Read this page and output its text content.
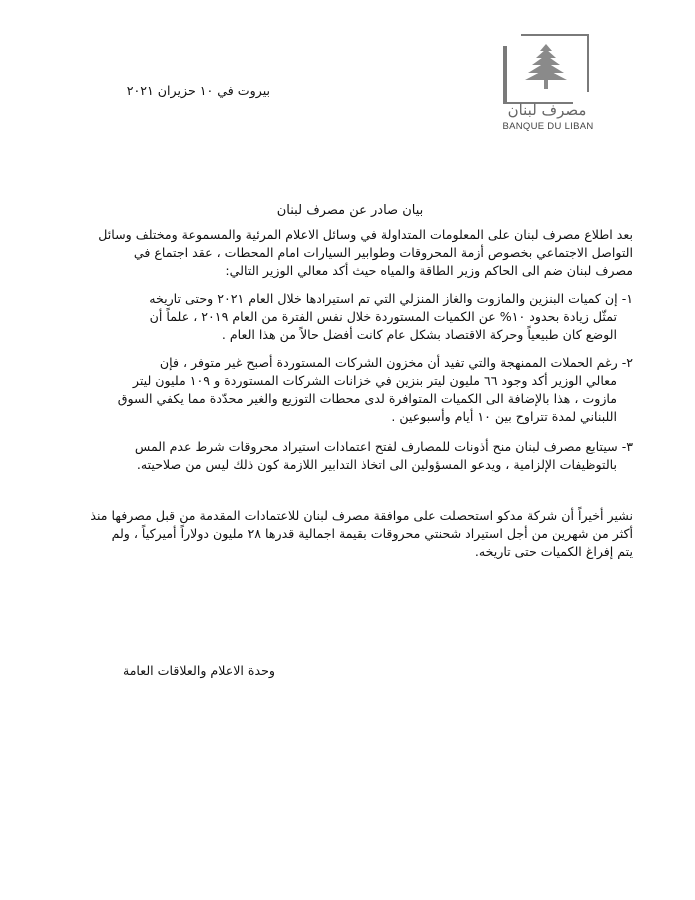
مصرف لبنان
BANQUE DU LIBAN
بيروت في ١٠ حزيران ٢٠٢١
بيان صادر عن مصرف لبنان
بعد اطلاع مصرف لبنان على المعلومات المتداولة في وسائل الاعلام المرئية والمسموعة ومختلف وسائل
التواصل الاجتماعي بخصوص أزمة المحروقات وطوابير السيارات امام المحطات ، عقد اجتماع في
مصرف لبنان ضم الى الحاكم وزير الطاقة والمياه حيث أكد معالي الوزير التالي:
١- إن كميات البنزين والمازوت والغاز المنزلي التي تم استيرادها خلال العام ٢٠٢١ وحتى تاريخه
تمثّل زيادة بحدود ١٠% عن الكميات المستوردة خلال نفس الفترة من العام ٢٠١٩ ، علماً أن
الوضع كان طبيعياً وحركة الاقتصاد بشكل عام كانت أفضل حالاً من هذا العام .
٢- رغم الحملات الممنهجة والتي تفيد أن مخزون الشركات المستوردة أصبح غير متوفر ، فإن
معالي الوزير أكد وجود ٦٦ مليون ليتر بنزين في خزانات الشركات المستوردة و ١٠٩ مليون ليتر
مازوت ، هذا بالإضافة الى الكميات المتوافرة لدى محطات التوزيع والغير محدّدة مما يكفي السوق
اللبناني لمدة تتراوح بين ١٠ أيام وأسبوعين .
٣- سيتابع مصرف لبنان منح أذونات للمصارف لفتح اعتمادات استيراد محروقات شرط عدم المس
بالتوظيفات الإلزامية ، ويدعو المسؤولين الى اتخاذ التدابير اللازمة كون ذلك ليس من صلاحيته.
نشير أخيراً أن شركة مدكو استحصلت على موافقة مصرف لبنان للاعتمادات المقدمة من قبل مصرفها منذ
أكثر من شهرين من أجل استيراد شحنتي محروقات بقيمة اجمالية قدرها ٢٨ مليون دولاراً أميركياً ، ولم
يتم إفراغ الكميات حتى تاريخه.
وحدة الاعلام والعلاقات العامة
